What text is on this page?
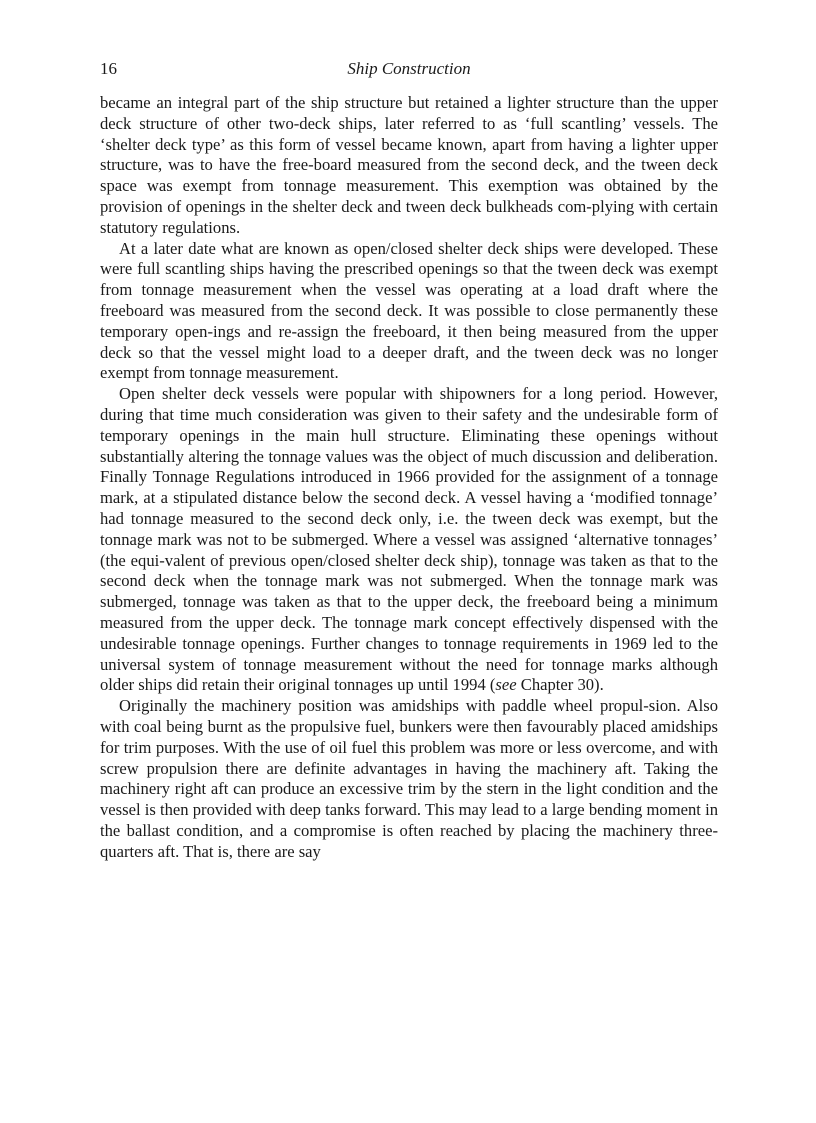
16	Ship Construction

became an integral part of the ship structure but retained a lighter structure than the upper deck structure of other two-deck ships, later referred to as ‘full scantling’ vessels. The ‘shelter deck type’ as this form of vessel became known, apart from having a lighter upper structure, was to have the free-board measured from the second deck, and the tween deck space was exempt from tonnage measurement. This exemption was obtained by the provision of openings in the shelter deck and tween deck bulkheads com-plying with certain statutory regulations.

At a later date what are known as open/closed shelter deck ships were developed. These were full scantling ships having the prescribed openings so that the tween deck was exempt from tonnage measurement when the vessel was operating at a load draft where the freeboard was measured from the second deck. It was possible to close permanently these temporary open-ings and re-assign the freeboard, it then being measured from the upper deck so that the vessel might load to a deeper draft, and the tween deck was no longer exempt from tonnage measurement.

Open shelter deck vessels were popular with shipowners for a long period. However, during that time much consideration was given to their safety and the undesirable form of temporary openings in the main hull structure. Eliminating these openings without substantially altering the tonnage values was the object of much discussion and deliberation. Finally Tonnage Regulations introduced in 1966 provided for the assignment of a tonnage mark, at a stipulated distance below the second deck. A vessel having a ‘modified tonnage’ had tonnage measured to the second deck only, i.e. the tween deck was exempt, but the tonnage mark was not to be submerged. Where a vessel was assigned ‘alternative tonnages’ (the equi-valent of previous open/closed shelter deck ship), tonnage was taken as that to the second deck when the tonnage mark was not submerged. When the tonnage mark was submerged, tonnage was taken as that to the upper deck, the freeboard being a minimum measured from the upper deck. The tonnage mark concept effectively dispensed with the undesirable tonnage openings. Further changes to tonnage requirements in 1969 led to the universal system of tonnage measurement without the need for tonnage marks although older ships did retain their original tonnages up until 1994 (see Chapter 30).

Originally the machinery position was amidships with paddle wheel propul-sion. Also with coal being burnt as the propulsive fuel, bunkers were then favourably placed amidships for trim purposes. With the use of oil fuel this problem was more or less overcome, and with screw propulsion there are definite advantages in having the machinery aft. Taking the machinery right aft can produce an excessive trim by the stern in the light condition and the vessel is then provided with deep tanks forward. This may lead to a large bending moment in the ballast condition, and a compromise is often reached by placing the machinery three-quarters aft. That is, there are say
